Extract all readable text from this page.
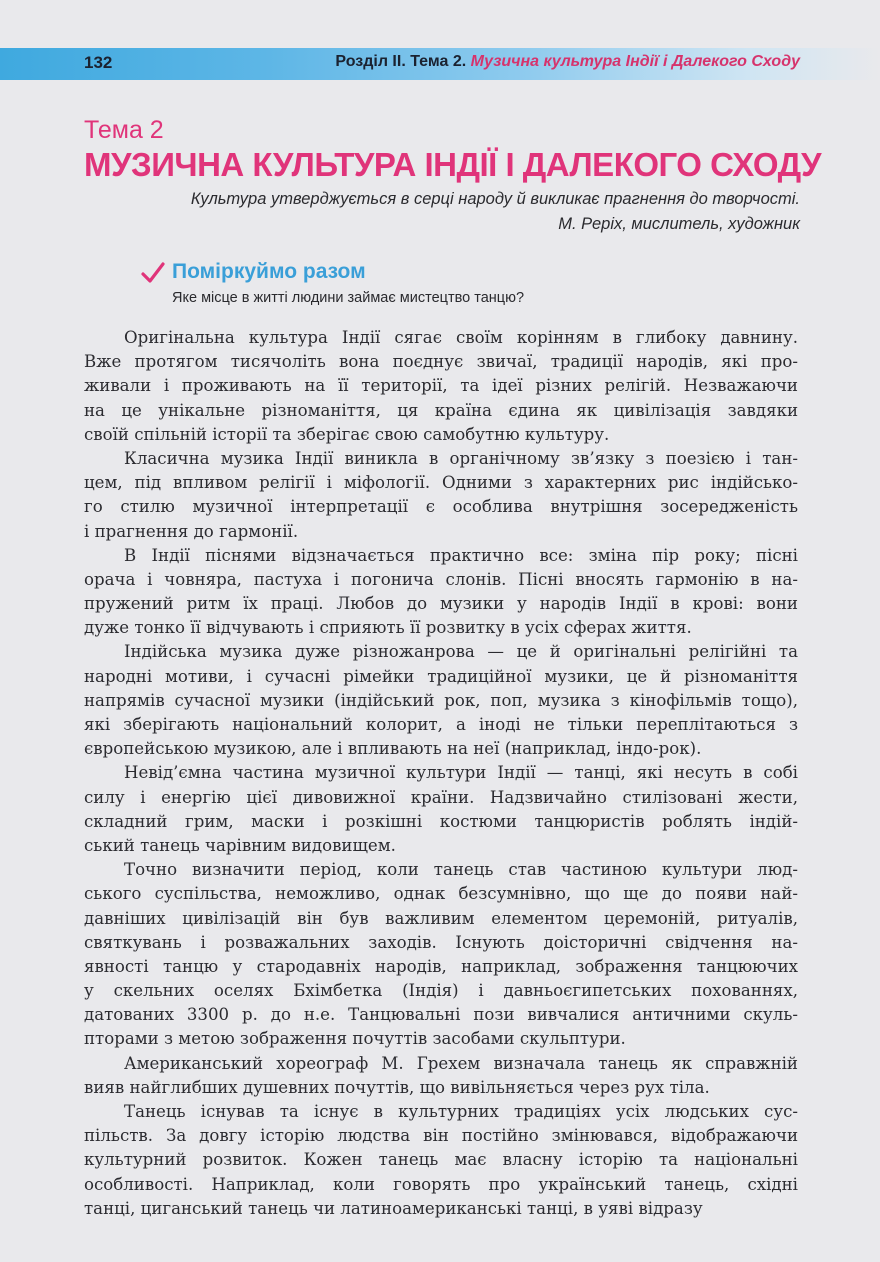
132	Розділ ІІ. Тема 2. Музична культура Індії і Далекого Сходу
Тема 2
МУЗИЧНА КУЛЬТУРА ІНДІЇ І ДАЛЕКОГО СХОДУ
Культура утверджується в серці народу й викликає прагнення до творчості.
М. Реріх, мислитель, художник
Поміркуймо разом
Яке місце в житті людини займає мистецтво танцю?
Оригінальна культура Індії сягає своїм корінням в глибоку давнину.
Вже протягом тисячоліть вона поєднує звичаї, традиції народів, які про-
живали і проживають на її території, та ідеї різних релігій. Незважаючи
на це унікальне різноманіття, ця країна єдина як цивілізація завдяки
своїй спільній історії та зберігає свою самобутню культуру.
Класична музика Індії виникла в органічному зв’язку з поезією і тан-
цем, під впливом релігії і міфології. Одними з характерних рис індійсько-
го стилю музичної інтерпретації є особлива внутрішня зосередженість
і прагнення до гармонії.
В Індії піснями відзначається практично все: зміна пір року; пісні
орача і човняра, пастуха і погонича слонів. Пісні вносять гармонію в на-
пружений ритм їх праці. Любов до музики у народів Індії в крові: вони
дуже тонко її відчувають і сприяють її розвитку в усіх сферах життя.
Індійська музика дуже різножанрова — це й оригінальні релігійні та
народні мотиви, і сучасні рімейки традиційної музики, це й різноманіття
напрямів сучасної музики (індійський рок, поп, музика з кінофільмів тощо),
які зберігають національний колорит, а іноді не тільки переплітаються з
європейською музикою, але і впливають на неї (наприклад, індо-рок).
Невід’ємна частина музичної культури Індії — танці, які несуть в собі
силу і енергію цієї дивовижної країни. Надзвичайно стилізовані жести,
складний грим, маски і розкішні костюми танцюристів роблять індій-
ський танець чарівним видовищем.
Точно визначити період, коли танець став частиною культури люд-
ського суспільства, неможливо, однак безсумнівно, що ще до появи най-
давніших цивілізацій він був важливим елементом церемоній, ритуалів,
святкувань і розважальних заходів. Існують доісторичні свідчення на-
явності танцю у стародавніх народів, наприклад, зображення танцюючих
у скельних оселях Бхімбетка (Індія) і давньоєгипетських похованнях,
датованих 3300 р. до н.е. Танцювальні пози вивчалися античними скуль-
пторами з метою зображення почуттів засобами скульптури.
Американський хореограф М. Грехем визначала танець як справжній
вияв найглибших душевних почуттів, що вивільняється через рух тіла.
Танець існував та існує в культурних традиціях усіх людських сус-
пільств. За довгу історію людства він постійно змінювався, відображаючи
культурний розвиток. Кожен танець має власну історію та національні
особливості. Наприклад, коли говорять про український танець, східні
танці, циганський танець чи латиноамериканські танці, в уяві відразу
